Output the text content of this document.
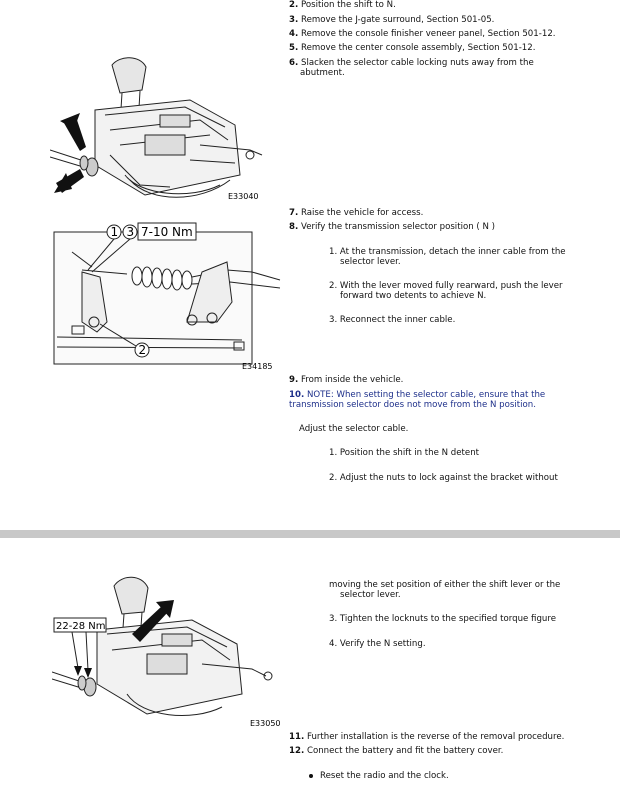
E33040
1 3 7-10 Nm
2
E34185
22-28 Nm
E33050
2. Position the shift to N.
3. Remove the J-gate surround, Section 501-05.
4. Remove the console finisher veneer panel, Section 501-12.
5. Remove the center console assembly, Section 501-12.
6. Slacken the selector cable locking nuts away from the
abutment.
7. Raise the vehicle for access.
8. Verify the transmission selector position ( N )
1. At the transmission, detach the inner cable from the
selector lever.
2. With the lever moved fully rearward, push the lever
forward two detents to achieve N.
3. Reconnect the inner cable.
9. From inside the vehicle.
10. NOTE: When setting the selector cable, ensure that the
transmission selector does not move from the N position.
Adjust the selector cable.
1. Position the shift in the N detent
2. Adjust the nuts to lock against the bracket without
moving the set position of either the shift lever or the
selector lever.
3. Tighten the locknuts to the specified torque figure
4. Verify the N setting.
11. Further installation is the reverse of the removal procedure.
12. Connect the battery and fit the battery cover.
Reset the radio and the clock.
